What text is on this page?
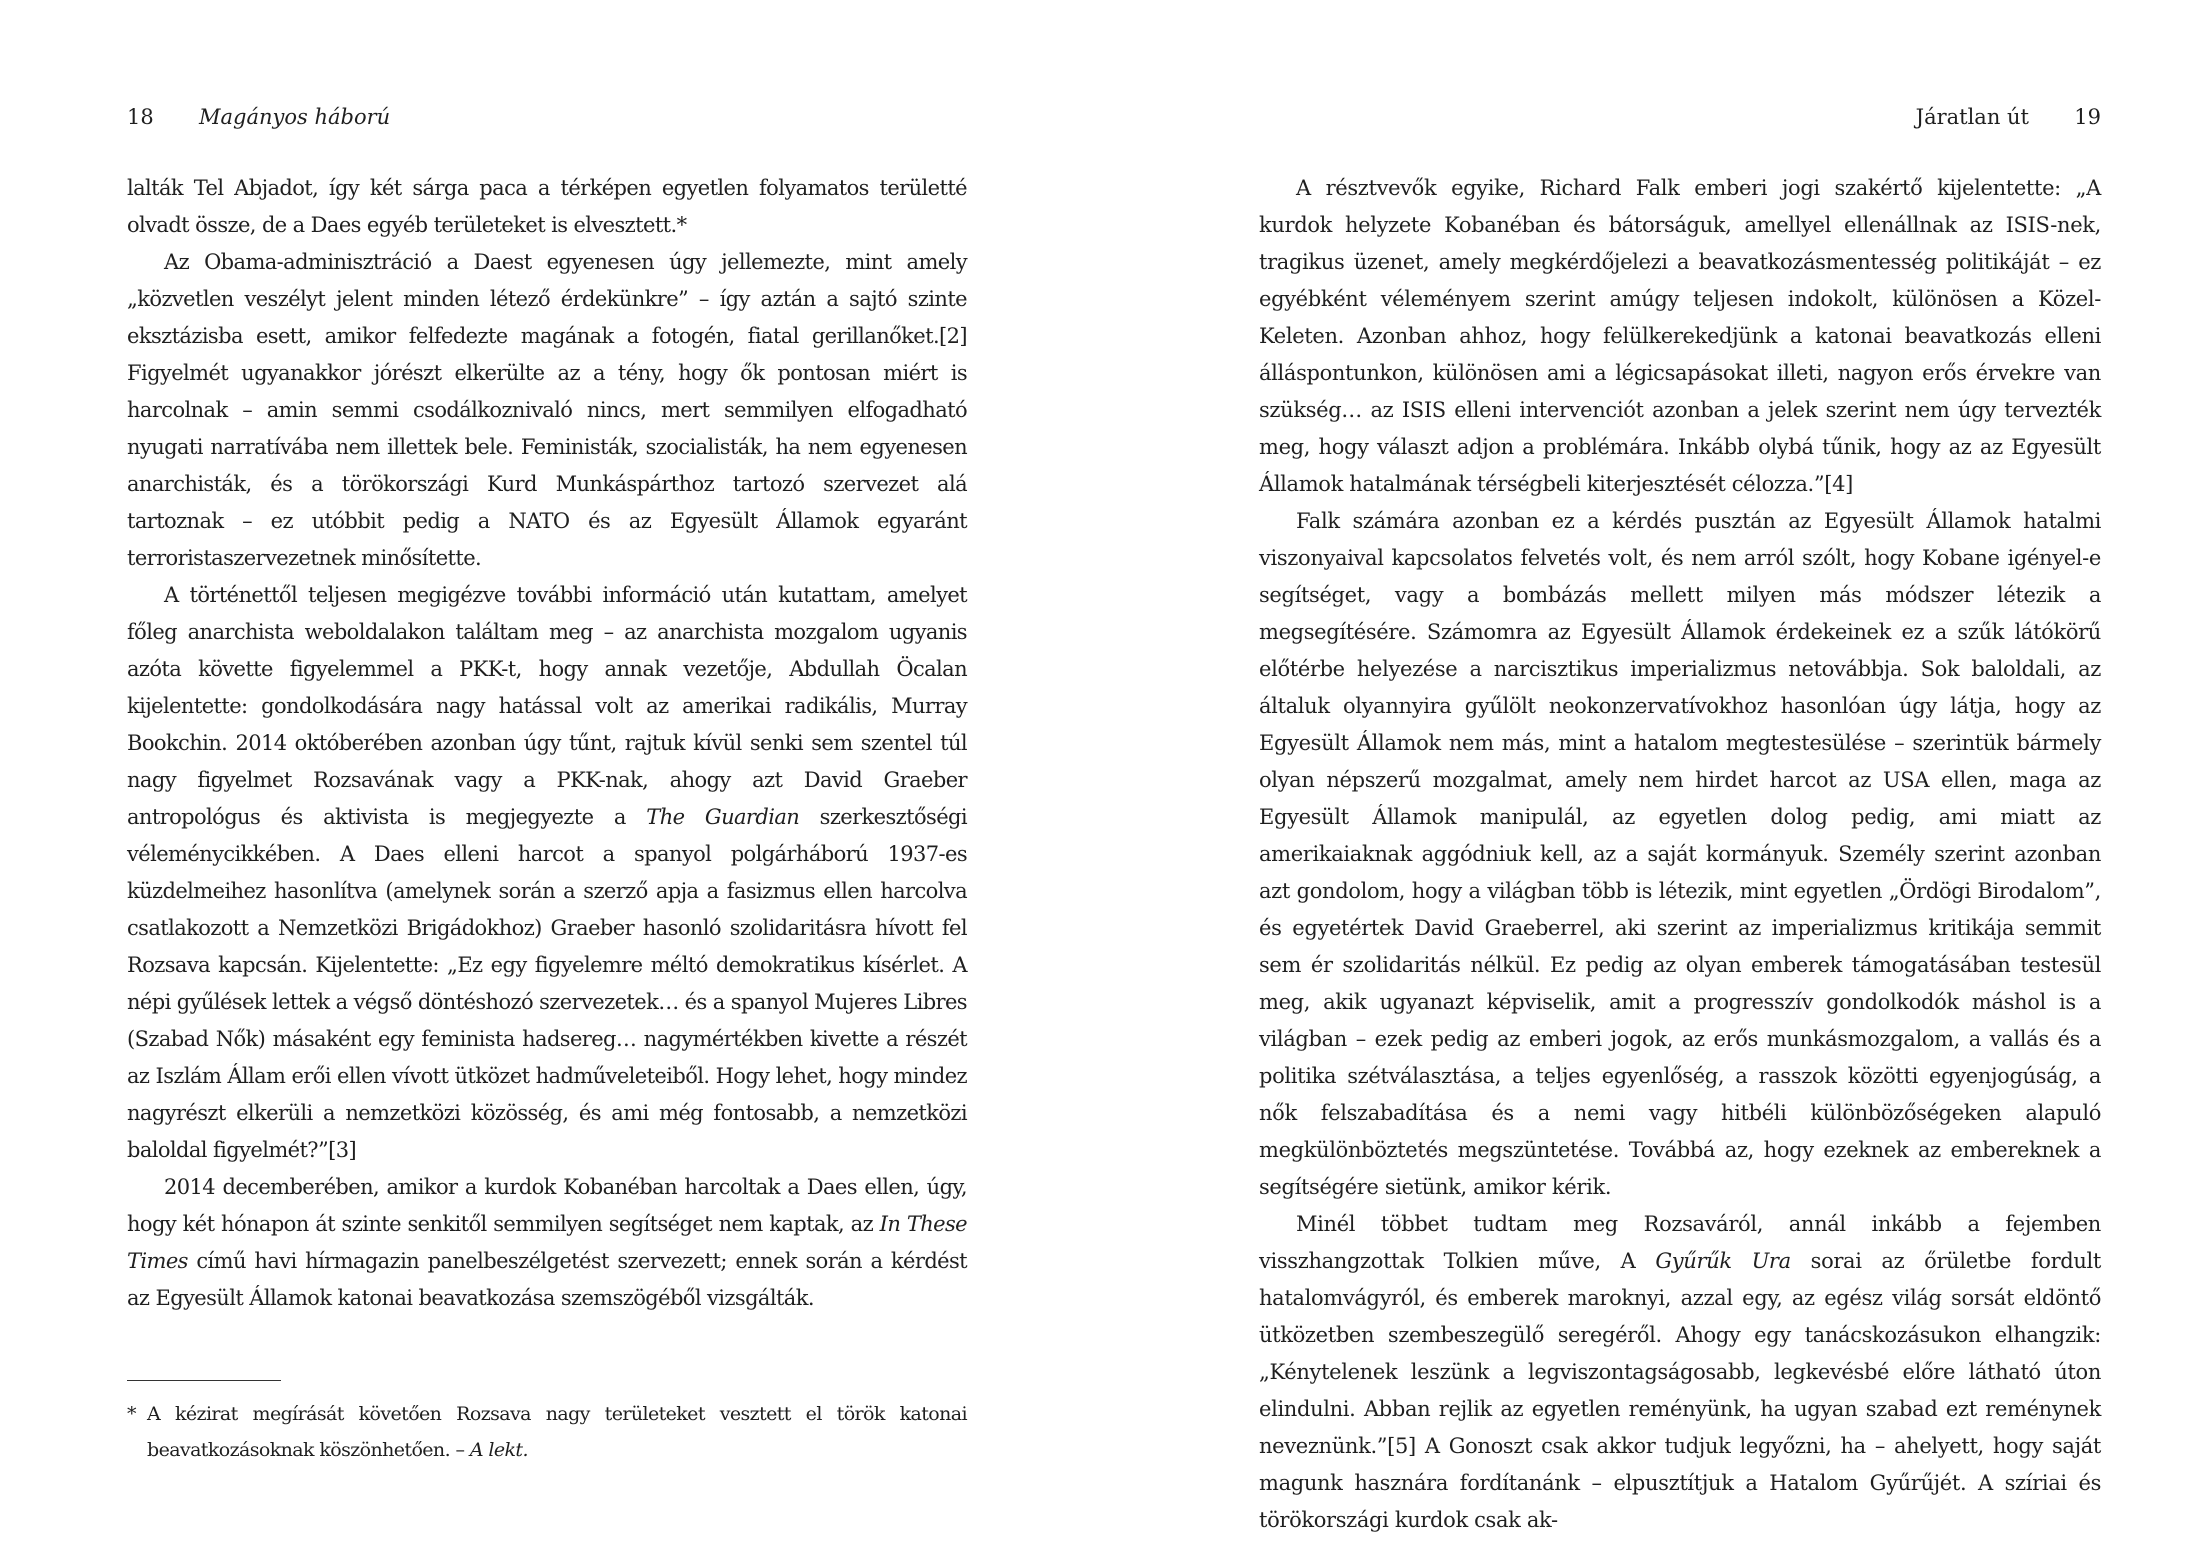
18 Magányos háború

lalták Tel Abjadot, így két sárga paca a térképen egyetlen folyamatos területté olvadt össze, de a Daes egyéb területeket is elvesztett.*

Az Obama-adminisztráció a Daest egyenesen úgy jellemezte, mint amely „közvetlen veszélyt jelent minden létező érdekünkre” – így aztán a sajtó szinte eksztázisba esett, amikor felfedezte magának a fotogén, fiatal gerillanőket.[2] Figyelmét ugyanakkor jórészt elkerülte az a tény, hogy ők pontosan miért is harcolnak – amin semmi csodálkoznivaló nincs, mert semmilyen elfogadható nyugati narratívába nem illettek bele. Feministák, szocialisták, ha nem egyenesen anarchisták, és a törökországi Kurd Munkáspárthoz tartozó szervezet alá tartoznak – ez utóbbit pedig a NATO és az Egyesült Államok egyaránt terroristaszervezetnek minősítette.

A történettől teljesen megigézve további információ után kutattam, amelyet főleg anarchista weboldalakon találtam meg – az anarchista mozgalom ugyanis azóta követte figyelemmel a PKK-t, hogy annak vezetője, Abdullah Öcalan kijelentette: gondolkodására nagy hatással volt az amerikai radikális, Murray Bookchin. 2014 októberében azonban úgy tűnt, rajtuk kívül senki sem szentel túl nagy figyelmet Rozsavának vagy a PKK-nak, ahogy azt David Graeber antropológus és aktivista is megjegyezte a The Guardian szerkesztőségi véleménycikkében. A Daes elleni harcot a spanyol polgárháború 1937-es küzdelmeihez hasonlítva (amelynek során a szerző apja a fasizmus ellen harcolva csatlakozott a Nemzetközi Brigádokhoz) Graeber hasonló szolidaritásra hívott fel Rozsava kapcsán. Kijelentette: „Ez egy figyelemre méltó demokratikus kísérlet. A népi gyűlések lettek a végső döntéshozó szervezetek… és a spanyol Mujeres Libres (Szabad Nők) másaként egy feminista hadsereg… nagymértékben kivette a részét az Iszlám Állam erői ellen vívott ütközet hadműveleteiből. Hogy lehet, hogy mindez nagyrészt elkerüli a nemzetközi közösség, és ami még fontosabb, a nemzetközi baloldal figyelmét?”[3]

2014 decemberében, amikor a kurdok Kobanéban harcoltak a Daes ellen, úgy, hogy két hónapon át szinte senkitől semmilyen segítséget nem kaptak, az In These Times című havi hírmagazin panelbeszélgetést szervezett; ennek során a kérdést az Egyesült Államok katonai beavatkozása szemszögéből vizsgálták.

* A kézirat megírását követően Rozsava nagy területeket vesztett el török katonai beavatkozásoknak köszönhetően. – A lekt.
Járatlan út 19

A résztvevők egyike, Richard Falk emberi jogi szakértő kijelentette: „A kurdok helyzete Kobanéban és bátorságuk, amellyel ellenállnak az ISIS-nek, tragikus üzenet, amely megkérdőjelezi a beavatkozásmentesség politikáját – ez egyébként véleményem szerint amúgy teljesen indokolt, különösen a Közel-Keleten. Azonban ahhoz, hogy felülkerekedjünk a katonai beavatkozás elleni álláspontunkon, különösen ami a légicsapásokat illeti, nagyon erős érvekre van szükség… az ISIS elleni intervenciót azonban a jelek szerint nem úgy tervezték meg, hogy választ adjon a problémára. Inkább olybá tűnik, hogy az az Egyesült Államok hatalmának térségbeli kiterjesztését célozza.”[4]

Falk számára azonban ez a kérdés pusztán az Egyesült Államok hatalmi viszonyaival kapcsolatos felvetés volt, és nem arról szólt, hogy Kobane igényel-e segítséget, vagy a bombázás mellett milyen más módszer létezik a megsegítésére. Számomra az Egyesült Államok érdekeinek ez a szűk látókörű előtérbe helyezése a narcisztikus imperializmus netovábbja. Sok baloldali, az általuk olyannyira gyűlölt neokonzervatívokhoz hasonlóan úgy látja, hogy az Egyesült Államok nem más, mint a hatalom megtestesülése – szerintük bármely olyan népszerű mozgalmat, amely nem hirdet harcot az USA ellen, maga az Egyesült Államok manipulál, az egyetlen dolog pedig, ami miatt az amerikaiaknak aggódniuk kell, az a saját kormányuk. Személy szerint azonban azt gondolom, hogy a világban több is létezik, mint egyetlen „Ördögi Birodalom”, és egyetértek David Graeberrel, aki szerint az imperializmus kritikája semmit sem ér szolidaritás nélkül. Ez pedig az olyan emberek támogatásában testesül meg, akik ugyanazt képviselik, amit a progresszív gondolkodók máshol is a világban – ezek pedig az emberi jogok, az erős munkásmozgalom, a vallás és a politika szétválasztása, a teljes egyenlőség, a rasszok közötti egyenjogúság, a nők felszabadítása és a nemi vagy hitbéli különbözőségeken alapuló megkülönböztetés megszüntetése. Továbbá az, hogy ezeknek az embereknek a segítségére sietünk, amikor kérik.

Minél többet tudtam meg Rozsaváról, annál inkább a fejemben visszhangzottak Tolkien műve, A Gyűrűk Ura sorai az őrületbe fordult hatalomvágyról, és emberek maroknyi, azzal egy, az egész világ sorsát eldöntő ütközetben szembeszegülő seregéről. Ahogy egy tanácskozásukon elhangzik: „Kénytelenek leszünk a legviszontagságosabb, legkevésbé előre látható úton elindulni. Abban rejlik az egyetlen reményünk, ha ugyan szabad ezt reménynek neveznünk.”[5] A Gonoszt csak akkor tudjuk legyőzni, ha – ahelyett, hogy saját magunk hasznára fordítanánk – elpusztítjuk a Hatalom Gyűrűjét. A szíriai és törökországi kurdok csak ak-
